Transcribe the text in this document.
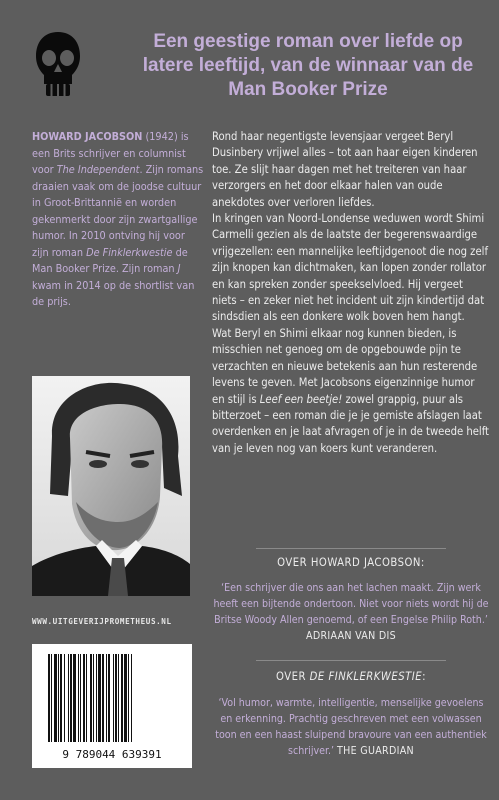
Een geestige roman over liefde op latere leeftijd, van de winnaar van de Man Booker Prize

HOWARD JACOBSON (1942) is een Brits schrijver en columnist voor The Independent. Zijn romans draaien vaak om de joodse cultuur in Groot-Brittannië en worden gekenmerkt door zijn zwartgallige humor. In 2010 ontving hij voor zijn roman De Finklerkwestie de Man Booker Prize. Zijn roman J kwam in 2014 op de shortlist van de prijs.

WWW.UITGEVERIJPROMETHEUS.NL
9 789044 639391

Rond haar negentigste levensjaar vergeet Beryl Dusinbery vrijwel alles – tot aan haar eigen kinderen toe. Ze slijt haar dagen met het treiteren van haar verzorgers en het door elkaar halen van oude anekdotes over verloren liefdes.

In kringen van Noord-Londense weduwen wordt Shimi Carmelli gezien als de laatste der begerenswaardige vrijgezellen: een mannelijke leeftijdgenoot die nog zelf zijn knopen kan dichtmaken, kan lopen zonder rollator en kan spreken zonder speekselvloed. Hij vergeet niets – en zeker niet het incident uit zijn kindertijd dat sindsdien als een donkere wolk boven hem hangt.

Wat Beryl en Shimi elkaar nog kunnen bieden, is misschien net genoeg om de opgebouwde pijn te verzachten en nieuwe betekenis aan hun resterende levens te geven. Met Jacobsons eigenzinnige humor en stijl is Leef een beetje! zowel grappig, puur als bitterzoet – een roman die je je gemiste afslagen laat overdenken en je laat afvragen of je in de tweede helft van je leven nog van koers kunt veranderen.

OVER HOWARD JACOBSON:

‘Een schrijver die ons aan het lachen maakt. Zijn werk heeft een bijtende ondertoon. Niet voor niets wordt hij de Britse Woody Allen genoemd, of een Engelse Philip Roth.’ ADRIAAN VAN DIS

OVER DE FINKLERKWESTIE:

‘Vol humor, warmte, intelligentie, menselijke gevoelens en erkenning. Prachtig geschreven met een volwassen toon en een haast sluipend bravoure van een authentiek schrijver.’ THE GUARDIAN
